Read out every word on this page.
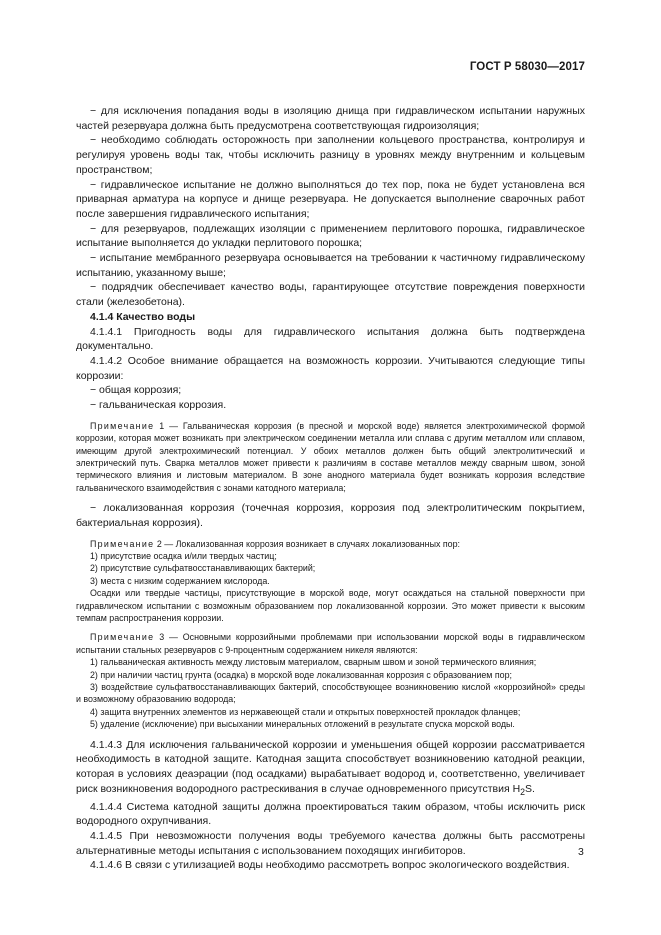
ГОСТ Р 58030—2017

− для исключения попадания воды в изоляцию днища при гидравлическом испытании наружных частей резервуара должна быть предусмотрена соответствующая гидроизоляция;

− необходимо соблюдать осторожность при заполнении кольцевого пространства, контролируя и регулируя уровень воды так, чтобы исключить разницу в уровнях между внутренним и кольцевым пространством;

− гидравлическое испытание не должно выполняться до тех пор, пока не будет установлена вся приварная арматура на корпусе и днище резервуара. Не допускается выполнение сварочных работ после завершения гидравлического испытания;

− для резервуаров, подлежащих изоляции с применением перлитового порошка, гидравлическое испытание выполняется до укладки перлитового порошка;

− испытание мембранного резервуара основывается на требовании к частичному гидравлическому испытанию, указанному выше;

− подрядчик обеспечивает качество воды, гарантирующее отсутствие повреждения поверхности стали (железобетона).

4.1.4 Качество воды

4.1.4.1 Пригодность воды для гидравлического испытания должна быть подтверждена документально.

4.1.4.2 Особое внимание обращается на возможность коррозии. Учитываются следующие типы коррозии:

− общая коррозия;

− гальваническая коррозия.

Примечание 1 — Гальваническая коррозия (в пресной и морской воде) является электрохимической формой коррозии, которая может возникать при электрическом соединении металла или сплава с другим металлом или сплавом, имеющим другой электрохимический потенциал. У обоих металлов должен быть общий электролитический и электрический путь. Сварка металлов может привести к различиям в составе металлов между сварным швом, зоной термического влияния и листовым материалом. В зоне анодного материала будет возникать коррозия вследствие гальванического взаимодействия с зонами катодного материала;

− локализованная коррозия (точечная коррозия, коррозия под электролитическим покрытием, бактериальная коррозия).

Примечание 2 — Локализованная коррозия возникает в случаях локализованных пор:

1) присутствие осадка и/или твердых частиц;

2) присутствие сульфатвосстанавливающих бактерий;

3) места с низким содержанием кислорода.

Осадки или твердые частицы, присутствующие в морской воде, могут осаждаться на стальной поверхности при гидравлическом испытании с возможным образованием пор локализованной коррозии. Это может привести к высоким темпам распространения коррозии.

Примечание 3 — Основными коррозийными проблемами при использовании морской воды в гидравлическом испытании стальных резервуаров с 9-процентным содержанием никеля являются:

1) гальваническая активность между листовым материалом, сварным швом и зоной термического влияния;

2) при наличии частиц грунта (осадка) в морской воде локализованная коррозия с образованием пор;

3) воздействие сульфатвосстанавливающих бактерий, способствующее возникновению кислой «коррозийной» среды и возможному образованию водорода;

4) защита внутренних элементов из нержавеющей стали и открытых поверхностей прокладок фланцев;

5) удаление (исключение) при высыхании минеральных отложений в результате спуска морской воды.

4.1.4.3 Для исключения гальванической коррозии и уменьшения общей коррозии рассматривается необходимость в катодной защите. Катодная защита способствует возникновению катодной реакции, которая в условиях деаэрации (под осадками) вырабатывает водород и, соответственно, увеличивает риск возникновения водородного растрескивания в случае одновременного присутствия $H_2S$.

4.1.4.4 Система катодной защиты должна проектироваться таким образом, чтобы исключить риск водородного охрупчивания.

4.1.4.5 При невозможности получения воды требуемого качества должны быть рассмотрены альтернативные методы испытания с использованием походящих ингибиторов.

4.1.4.6 В связи с утилизацией воды необходимо рассмотреть вопрос экологического воздействия.

3
